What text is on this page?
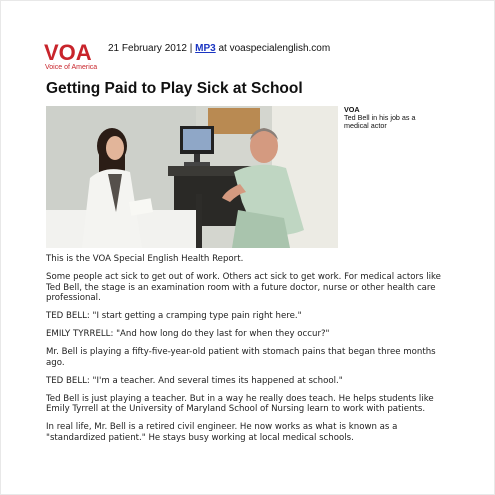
VOA
Voice of America
21 February 2012 | MP3 at voaspecialenglish.com
Getting Paid to Play Sick at School
VOA
Ted Bell in his job as a medical actor

This is the VOA Special English Health Report.

Some people act sick to get out of work. Others act sick to get work. For medical actors like Ted Bell, the stage is an examination room with a future doctor, nurse or other health care professional.

TED BELL: "I start getting a cramping type pain right here."

EMILY TYRRELL: "And how long do they last for when they occur?"

Mr. Bell is playing a fifty-five-year-old patient with stomach pains that began three months ago.

TED BELL: "I'm a teacher. And several times its happened at school."

Ted Bell is just playing a teacher. But in a way he really does teach. He helps students like Emily Tyrrell at the University of Maryland School of Nursing learn to work with patients.

In real life, Mr. Bell is a retired civil engineer. He now works as what is known as a "standardized patient." He stays busy working at local medical schools.
